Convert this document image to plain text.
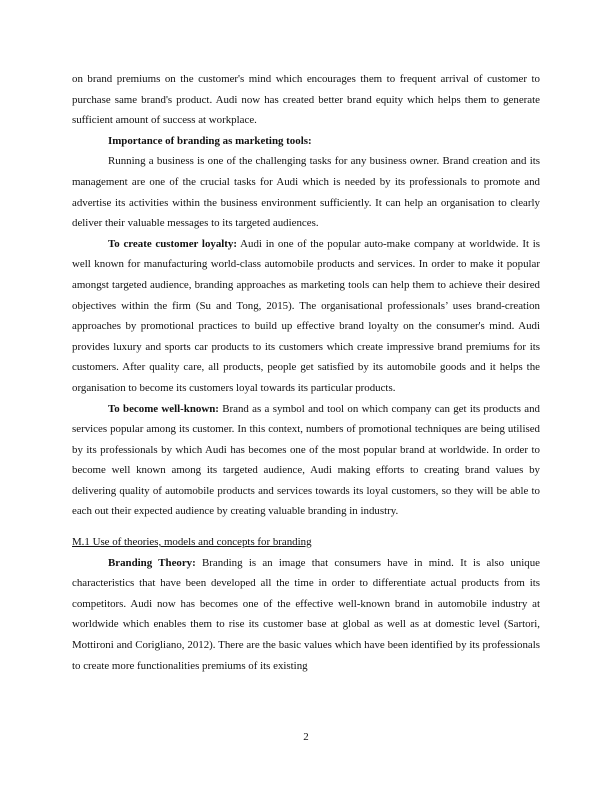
on brand premiums on the customer's mind which encourages them to frequent arrival of customer to purchase same brand's product. Audi now has created better brand equity which helps them to generate sufficient amount of success at workplace.

Importance of branding as marketing tools:

Running a business is one of the challenging tasks for any business owner. Brand creation and its management are one of the crucial tasks for Audi which is needed by its professionals to promote and advertise its activities within the business environment sufficiently. It can help an organisation to clearly deliver their valuable messages to its targeted audiences.

To create customer loyalty: Audi in one of the popular auto-make company at worldwide. It is well known for manufacturing world-class automobile products and services. In order to make it popular amongst targeted audience, branding approaches as marketing tools can help them to achieve their desired objectives within the firm (Su and Tong, 2015). The organisational professionals’ uses brand-creation approaches by promotional practices to build up effective brand loyalty on the consumer's mind. Audi provides luxury and sports car products to its customers which create impressive brand premiums for its customers. After quality care, all products, people get satisfied by its automobile goods and it helps the organisation to become its customers loyal towards its particular products.

To become well-known: Brand as a symbol and tool on which company can get its products and services popular among its customer. In this context, numbers of promotional techniques are being utilised by its professionals by which Audi has becomes one of the most popular brand at worldwide. In order to become well known among its targeted audience, Audi making efforts to creating brand values by delivering quality of automobile products and services towards its loyal customers, so they will be able to each out their expected audience by creating valuable branding in industry.

M.1 Use of theories, models and concepts for branding

Branding Theory: Branding is an image that consumers have in mind. It is also unique characteristics that have been developed all the time in order to differentiate actual products from its competitors. Audi now has becomes one of the effective well-known brand in automobile industry at worldwide which enables them to rise its customer base at global as well as at domestic level (Sartori, Mottironi and Corigliano, 2012). There are the basic values which have been identified by its professionals to create more functionalities premiums of its existing

2
